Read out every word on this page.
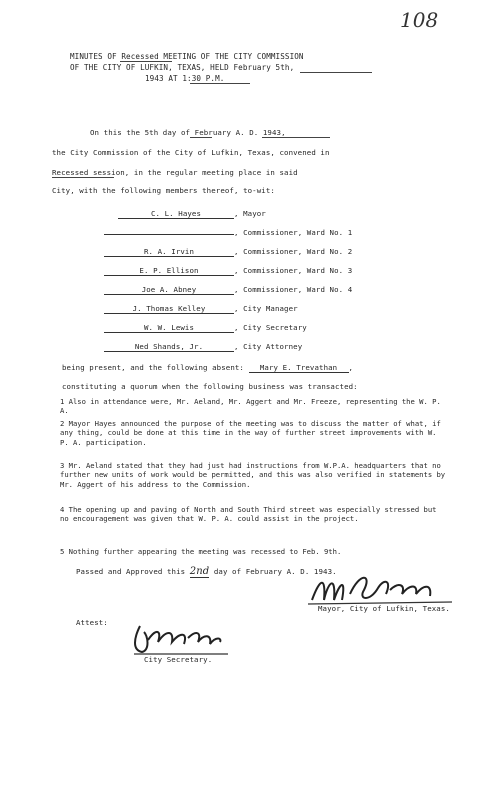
108
MINUTES OF Recessed MEETING OF THE CITY COMMISSION
OF THE CITY OF LUFKIN, TEXAS, HELD February 5th,
1943 AT 1:30 P.M.
On this the 5th day of February A. D. 1943,
the City Commission of the City of Lufkin, Texas, convened in
Recessed session, in the regular meeting place in said
City, with the following members thereof, to-wit:
C. L. Hayes	, Mayor
, Commissioner, Ward No. 1
R. A. Irvin	, Commissioner, Ward No. 2
E. P. Ellison	, Commissioner, Ward No. 3
Joe A. Abney	, Commissioner, Ward No. 4
J. Thomas Kelley	, City Manager
W. W. Lewis	, City Secretary
Ned Shands, Jr.	, City Attorney
being present, and the following absent: Mary E. Trevathan ,
constituting a quorum when the following business was transacted:
1 Also in attendance were, Mr. Aeland, Mr. Aggert and Mr. Freeze, representing the W. P. A.
2 Mayor Hayes announced the purpose of the meeting was to discuss the matter of what, if any thing, could be done at this time in the way of further street improvements with W. P. A. participation.
3 Mr. Aeland stated that they had just had instructions from W.P.A. headquarters that no further new units of work would be permitted, and this was also verified in statements by Mr. Aggert of his address to the Commission.
4 The opening up and paving of North and South Third street was especially stressed but no encouragement was given that W. P. A. could assist in the project.
5 Nothing further appearing the meeting was recessed to Feb. 9th.
Passed and Approved this 2nd day of February A. D. 1943.
Mayor, City of Lufkin, Texas.
Attest:
City Secretary.
